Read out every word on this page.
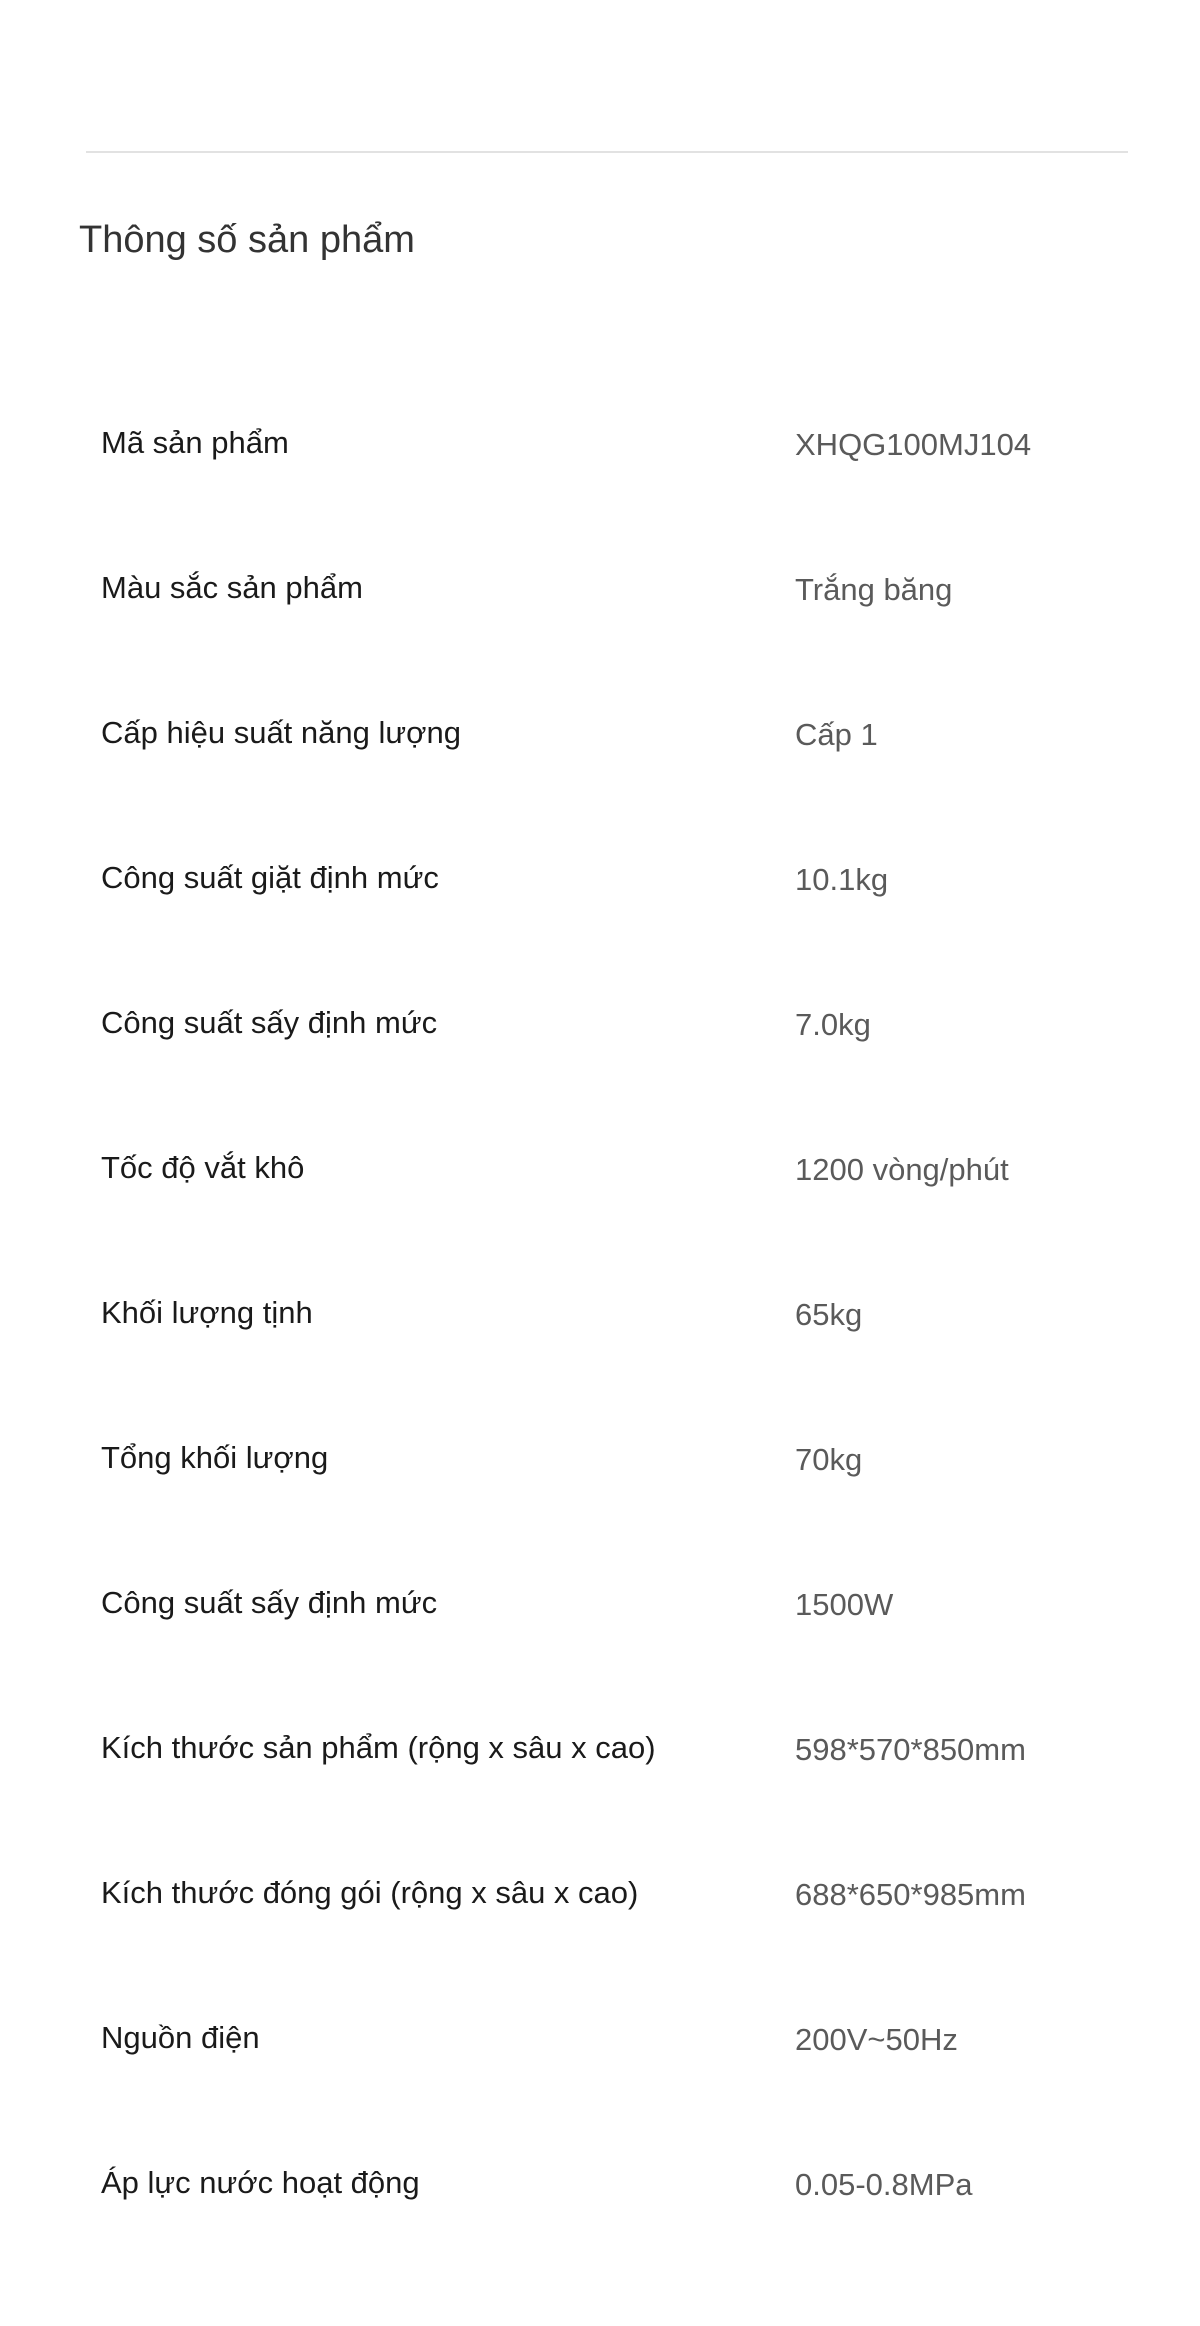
Thông số sản phẩm
Mã sản phẩm	XHQG100MJ104
Màu sắc sản phẩm	Trắng băng
Cấp hiệu suất năng lượng	Cấp 1
Công suất giặt định mức	10.1kg
Công suất sấy định mức	7.0kg
Tốc độ vắt khô	1200 vòng/phút
Khối lượng tịnh	65kg
Tổng khối lượng	70kg
Công suất sấy định mức	1500W
Kích thước sản phẩm (rộng x sâu x cao)	598*570*850mm
Kích thước đóng gói (rộng x sâu x cao)	688*650*985mm
Nguồn điện	200V~50Hz
Áp lực nước hoạt động	0.05-0.8MPa
